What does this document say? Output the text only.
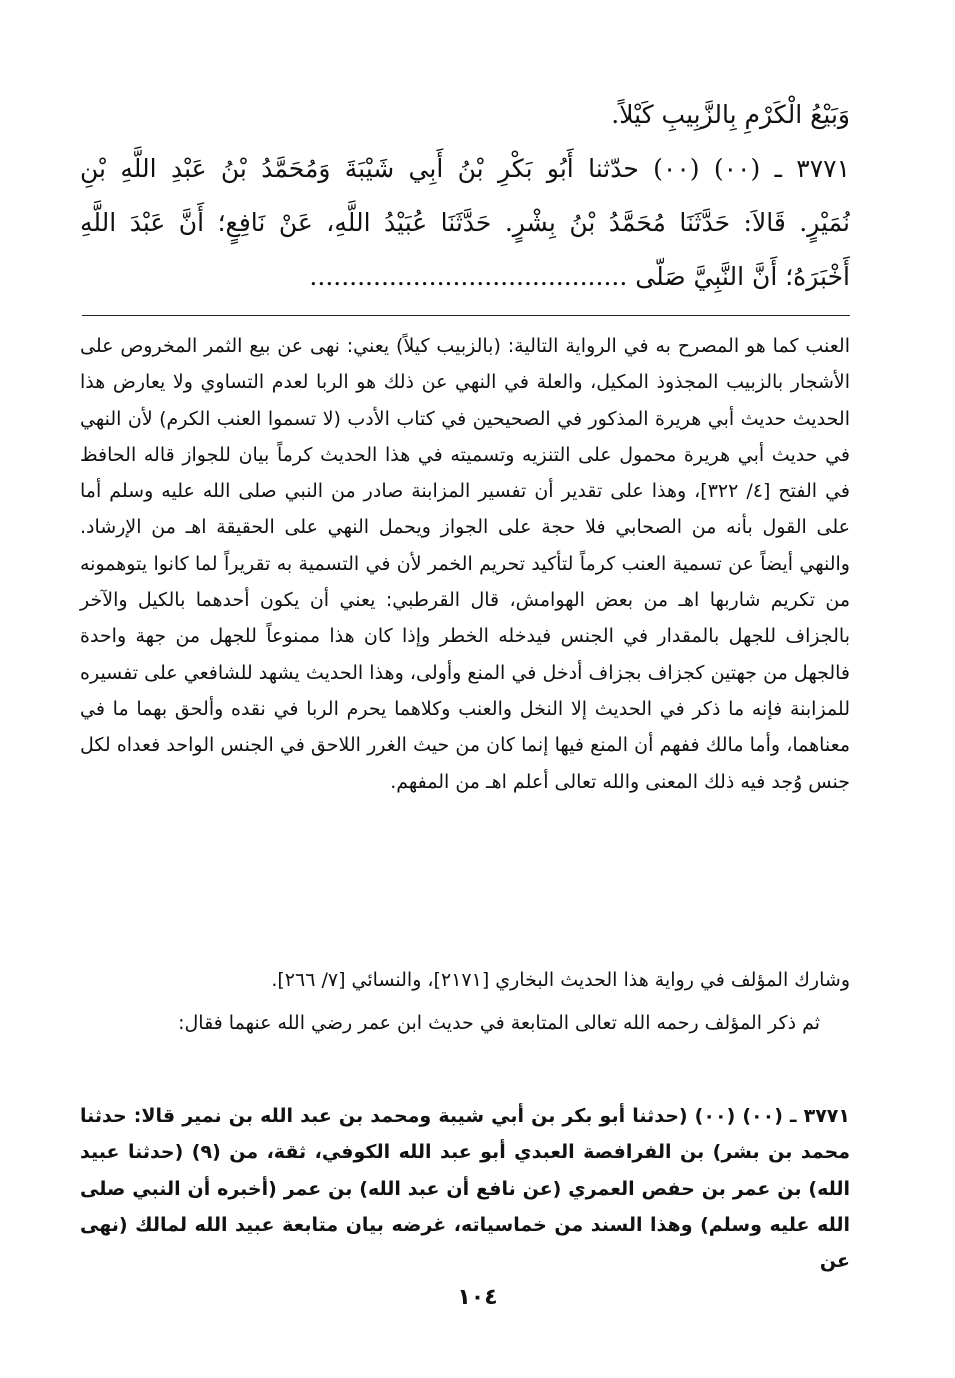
وَبَيْعُ الْكَرْمِ بِالزَّبِيبِ كَيْلاً.
٣٧٧١ ـ (٠٠) (٠٠) حدّثنا أَبُو بَكْرِ بْنُ أَبِي شَيْبَةَ وَمُحَمَّدُ بْنُ عَبْدِ اللَّهِ بْنِ
نُمَيْرٍ. قَالاَ: حَدَّثَنَا مُحَمَّدُ بْنُ بِشْرٍ. حَدَّثَنَا عُبَيْدُ اللَّهِ، عَنْ نَافِعٍ؛ أَنَّ عَبْدَ اللَّهِ
أَخْبَرَهُ؛ أَنَّ النَّبِيَّ صَلّى ........................................
العنب كما هو المصرح به في الرواية التالية: (بالزبيب كيلاً) يعني: نهى عن بيع الثمر المخروص على الأشجار بالزبيب المجذوذ المكيل، والعلة في النهي عن ذلك هو الربا لعدم التساوي ولا يعارض هذا الحديث حديث أبي هريرة المذكور في الصحيحين في كتاب الأدب (لا تسموا العنب الكرم) لأن النهي في حديث أبي هريرة محمول على التنزيه وتسميته في هذا الحديث كرماً بيان للجواز قاله الحافظ في الفتح [٤/ ٣٢٢]، وهذا على تقدير أن تفسير المزابنة صادر من النبي صلى الله عليه وسلم أما على القول بأنه من الصحابي فلا حجة على الجواز ويحمل النهي على الحقيقة اهـ من الإرشاد. والنهي أيضاً عن تسمية العنب كرماً لتأكيد تحريم الخمر لأن في التسمية به تقريراً لما كانوا يتوهمونه من تكريم شاربها اهـ من بعض الهوامش، قال القرطبي: يعني أن يكون أحدهما بالكيل والآخر بالجزاف للجهل بالمقدار في الجنس فيدخله الخطر وإذا كان هذا ممنوعاً للجهل من جهة واحدة فالجهل من جهتين كجزاف بجزاف أدخل في المنع وأولى، وهذا الحديث يشهد للشافعي على تفسيره للمزابنة فإنه ما ذكر في الحديث إلا النخل والعنب وكلاهما يحرم الربا في نقده وألحق بهما ما في معناهما، وأما مالك ففهم أن المنع فيها إنما كان من حيث الغرر اللاحق في الجنس الواحد فعداه لكل جنس وُجد فيه ذلك المعنى والله تعالى أعلم اهـ من المفهم.
وشارك المؤلف في رواية هذا الحديث البخاري [٢١٧١]، والنسائي [٧/ ٢٦٦].
ثم ذكر المؤلف رحمه الله تعالى المتابعة في حديث ابن عمر رضي الله عنهما فقال:
٣٧٧١ ـ (٠٠) (٠٠) (حدثنا أبو بكر بن أبي شيبة ومحمد بن عبد الله بن نمير قالا: حدثنا محمد بن بشر) بن الفرافصة العبدي أبو عبد الله الكوفي، ثقة، من (٩) (حدثنا عبيد الله) بن عمر بن حفص العمري (عن نافع أن عبد الله) بن عمر (أخبره أن النبي صلى الله عليه وسلم) وهذا السند من خماسياته، غرضه بيان متابعة عبيد الله لمالك (نهى عن
١٠٤
